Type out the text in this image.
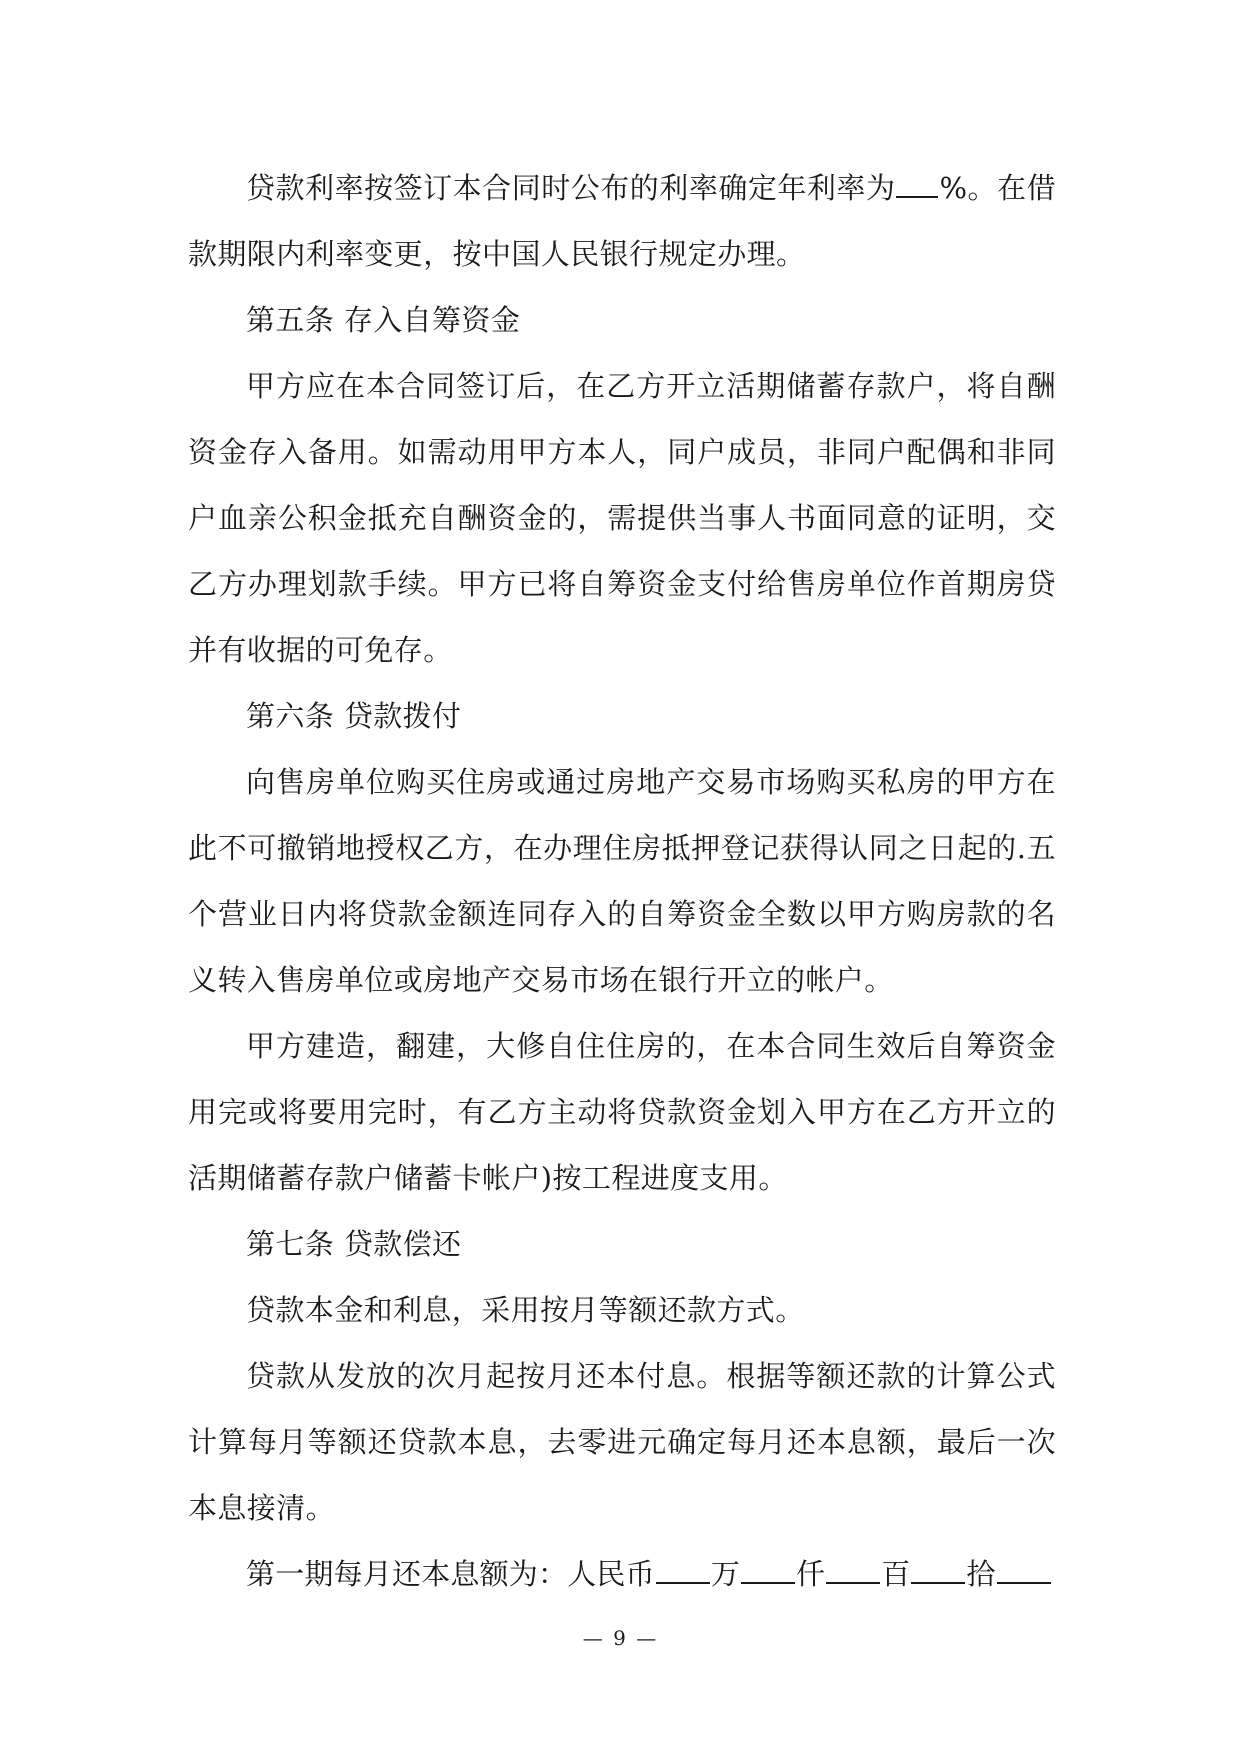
贷款利率按签订本合同时公布的利率确定年利率为 %。在借款期限内利率变更，按中国人民银行规定办理。

第五条 存入自筹资金

甲方应在本合同签订后，在乙方开立活期储蓄存款户，将自酬资金存入备用。如需动用甲方本人，同户成员，非同户配偶和非同户血亲公积金抵充自酬资金的，需提供当事人书面同意的证明，交乙方办理划款手续。甲方已将自筹资金支付给售房单位作首期房贷并有收据的可免存。

第六条 贷款拨付

向售房单位购买住房或通过房地产交易市场购买私房的甲方在此不可撤销地授权乙方，在办理住房抵押登记获得认同之日起的.五个营业日内将贷款金额连同存入的自筹资金全数以甲方购房款的名义转入售房单位或房地产交易市场在银行开立的帐户。

甲方建造，翻建，大修自住住房的，在本合同生效后自筹资金用完或将要用完时，有乙方主动将贷款资金划入甲方在乙方开立的活期储蓄存款户储蓄卡帐户)按工程进度支用。

第七条 贷款偿还

贷款本金和利息，采用按月等额还款方式。

贷款从发放的次月起按月还本付息。根据等额还款的计算公式计算每月等额还贷款本息，去零进元确定每月还本息额，最后一次本息接清。

第一期每月还本息额为：人民币 万 仟 百 拾

— 9 —
